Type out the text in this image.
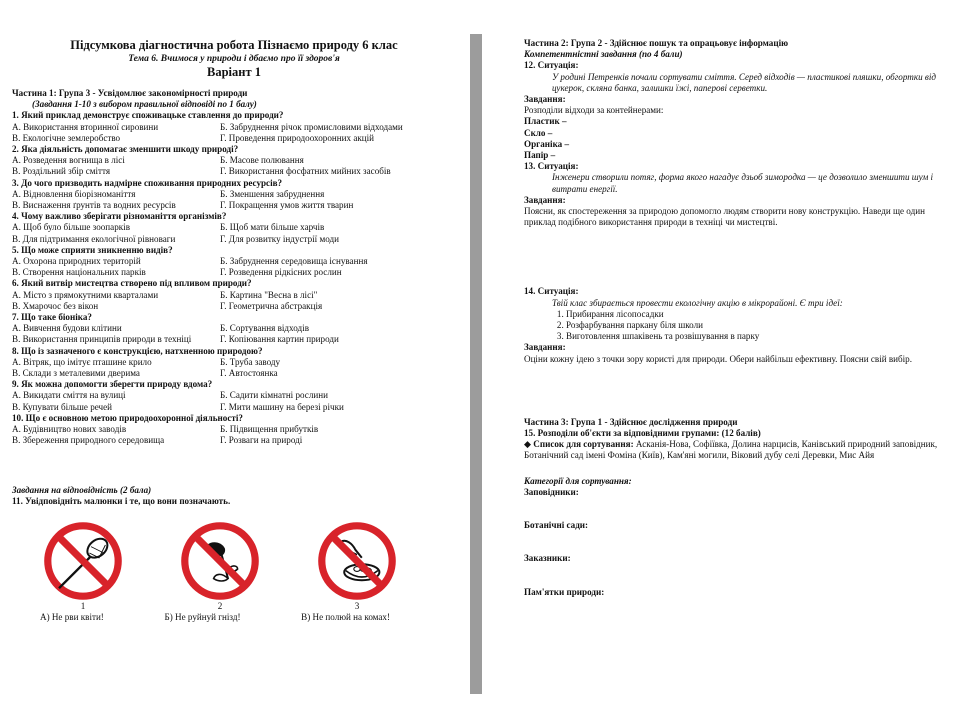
Підсумкова діагностична робота Пізнаємо природу 6 клас
Тема 6. Вчимося у природи і дбаємо про її здоров'я
Варіант 1
Частина 1: Група 3 - Усвідомлює закономірності природи
(Завдання 1-10 з вибором правильної відповіді по 1 балу)
1. Який приклад демонструє споживацьке ставлення до природи?
А. Використання вторинної сировини	Б. Забруднення річок промисловими відходами
В. Екологічне землеробство	Г. Проведення природоохоронних акцій
2. Яка діяльність допомагає зменшити шкоду природі?
А. Розведення вогнища в лісі	Б. Масове полювання
В. Роздільний збір сміття	Г. Використання фосфатних мийних засобів
3. До чого призводить надмірне споживання природних ресурсів?
А. Відновлення біорізноманіття	Б. Зменшення забруднення
В. Виснаження ґрунтів та водних ресурсів	Г. Покращення умов життя тварин
4. Чому важливо зберігати різноманіття організмів?
А. Щоб було більше зоопарків	Б. Щоб мати більше харчів
В. Для підтримання екологічної рівноваги	Г. Для розвитку індустрії моди
5. Що може сприяти зникненню видів?
А. Охорона природних територій	Б. Забруднення середовища існування
В. Створення національних парків	Г. Розведення рідкісних рослин
6. Який витвір мистецтва створено під впливом природи?
А. Місто з прямокутними кварталами	Б. Картина "Весна в лісі"
В. Хмарочос без вікон	Г. Геометрична абстракція
7. Що таке біоніка?
А. Вивчення будови клітини	Б. Сортування відходів
В. Використання принципів природи в техніці	Г. Копіювання картин природи
8. Що із зазначеного є конструкцією, натхненною природою?
А. Вітряк, що імітує пташине крило	Б. Труба заводу
В. Склади з металевими дверима	Г. Автостоянка
9. Як можна допомогти зберегти природу вдома?
А. Викидати сміття на вулиці	Б. Садити кімнатні рослини
В. Купувати більше речей	Г. Мити машину на березі річки
10. Що є основною метою природоохоронної діяльності?
А. Будівництво нових заводів	Б. Підвищення прибутків
В. Збереження природного середовища	Г. Розваги на природі
Завдання на відповідність (2 бала)
11. Увідповідніть малюнки і те, що вони позначають.
1	2	3
А) Не рви квіти!	Б) Не руйнуй гнізд!	В) Не полюй на комах!
Частина 2: Група 2 - Здійснює пошук та опрацьовує інформацію
Компетентністні завдання (по 4 бали)
12. Ситуація:
У родині Петренків почали сортувати сміття. Серед відходів — пластикові пляшки, обгортки від цукерок, скляна банка, залишки їжі, паперові серветки.
Завдання:
Розподіли відходи за контейнерами:
Пластик –
Скло –
Органіка –
Папір –
13. Ситуація:
Інженери створили потяг, форма якого нагадує дзьоб зимородка — це дозволило зменшити шум і витрати енергії.
Завдання:
Поясни, як спостереження за природою допомогло людям створити нову конструкцію. Наведи ще один приклад подібного використання природи в техніці чи мистецтві.
14. Ситуація:
Твій клас збирається провести екологічну акцію в мікрорайоні. Є три ідеї:
1. Прибирання лісопосадки
2. Розфарбування паркану біля школи
3. Виготовлення шпаківень та розвішування в парку
Завдання:
Оціни кожну ідею з точки зору користі для природи. Обери найбільш ефективну. Поясни свій вибір.
Частина 3: Група 1 - Здійснює дослідження природи
15. Розподіли об'єкти за відповідними групами: (12 балів)
◆ Список для сортування: Асканія-Нова, Софіївка, Долина нарцисів, Канівський природний заповідник, Ботанічний сад імені Фоміна (Київ), Кам'яні могили, Віковий дубу селі Деревки, Мис Айя
Категорії для сортування:
Заповідники:
Ботанічні сади:
Заказники:
Пам'ятки природи:
